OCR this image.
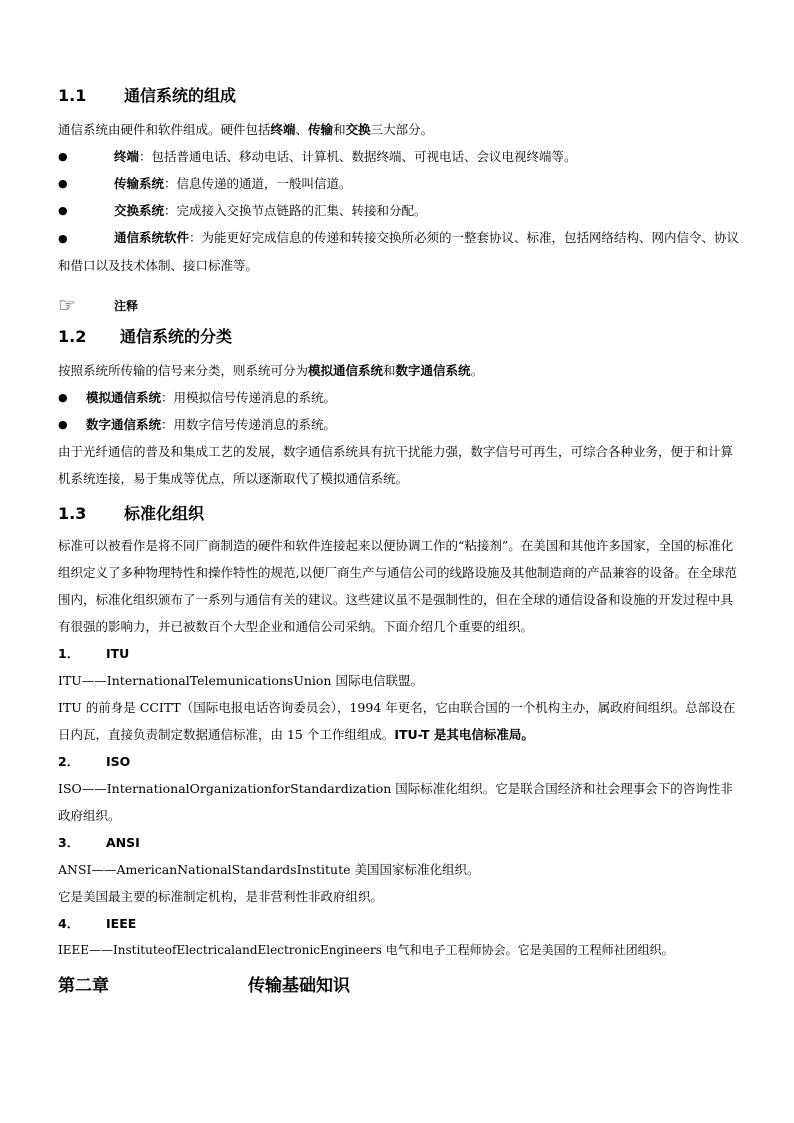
1.1	通信系统的组成

通信系统由硬件和软件组成。硬件包括终端、传输和交换三大部分。

●	终端：包括普通电话、移动电话、计算机、数据终端、可视电话、会议电视终端等。
●	传输系统：信息传递的通道，一般叫信道。
●	交换系统：完成接入交换节点链路的汇集、转接和分配。

●	通信系统软件：为能更好完成信息的传递和转接交换所必须的一整套协议、标准，包括网络结构、网内信令、协议和借口以及技术体制、接口标准等。

☞	注释
1.2	通信系统的分类

按照系统所传输的信号来分类，则系统可分为模拟通信系统和数字通信系统。

●	模拟通信系统：用模拟信号传递消息的系统。
●	数字通信系统：用数字信号传递消息的系统。

由于光纤通信的普及和集成工艺的发展，数字通信系统具有抗干扰能力强，数字信号可再生，可综合各种业务，便于和计算机系统连接，易于集成等优点，所以逐渐取代了模拟通信系统。

1.3	标准化组织

标准可以被看作是将不同厂商制造的硬件和软件连接起来以便协调工作的“粘接剂”。在美国和其他许多国家，全国的标准化组织定义了多种物理特性和操作特性的规范,以便厂商生产与通信公司的线路设施及其他制造商的产品兼容的设备。在全球范围内，标准化组织颁布了一系列与通信有关的建议。这些建议虽不是强制性的，但在全球的通信设备和设施的开发过程中具有很强的影响力，并已被数百个大型企业和通信公司采纳。下面介绍几个重要的组织。

1．	ITU

ITU——InternationalTelemunicationsUnion 国际电信联盟。

ITU 的前身是 CCITT（国际电报电话咨询委员会），1994 年更名，它由联合国的一个机构主办，属政府间组织。总部设在日内瓦，直接负责制定数据通信标准，由 15 个工作组组成。ITU-T 是其电信标准局。

2．	ISO

ISO——InternationalOrganizationforStandardization 国际标准化组织。它是联合国经济和社会理事会下的咨询性非政府组织。

3．	ANSI

ANSI——AmericanNationalStandardsInstitute 美国国家标准化组织。

它是美国最主要的标准制定机构，是非营利性非政府组织。

4．	IEEE

IEEE——InstituteofElectricalandElectronicEngineers 电气和电子工程师协会。它是美国的工程师社团组织。

第二章	传输基础知识
